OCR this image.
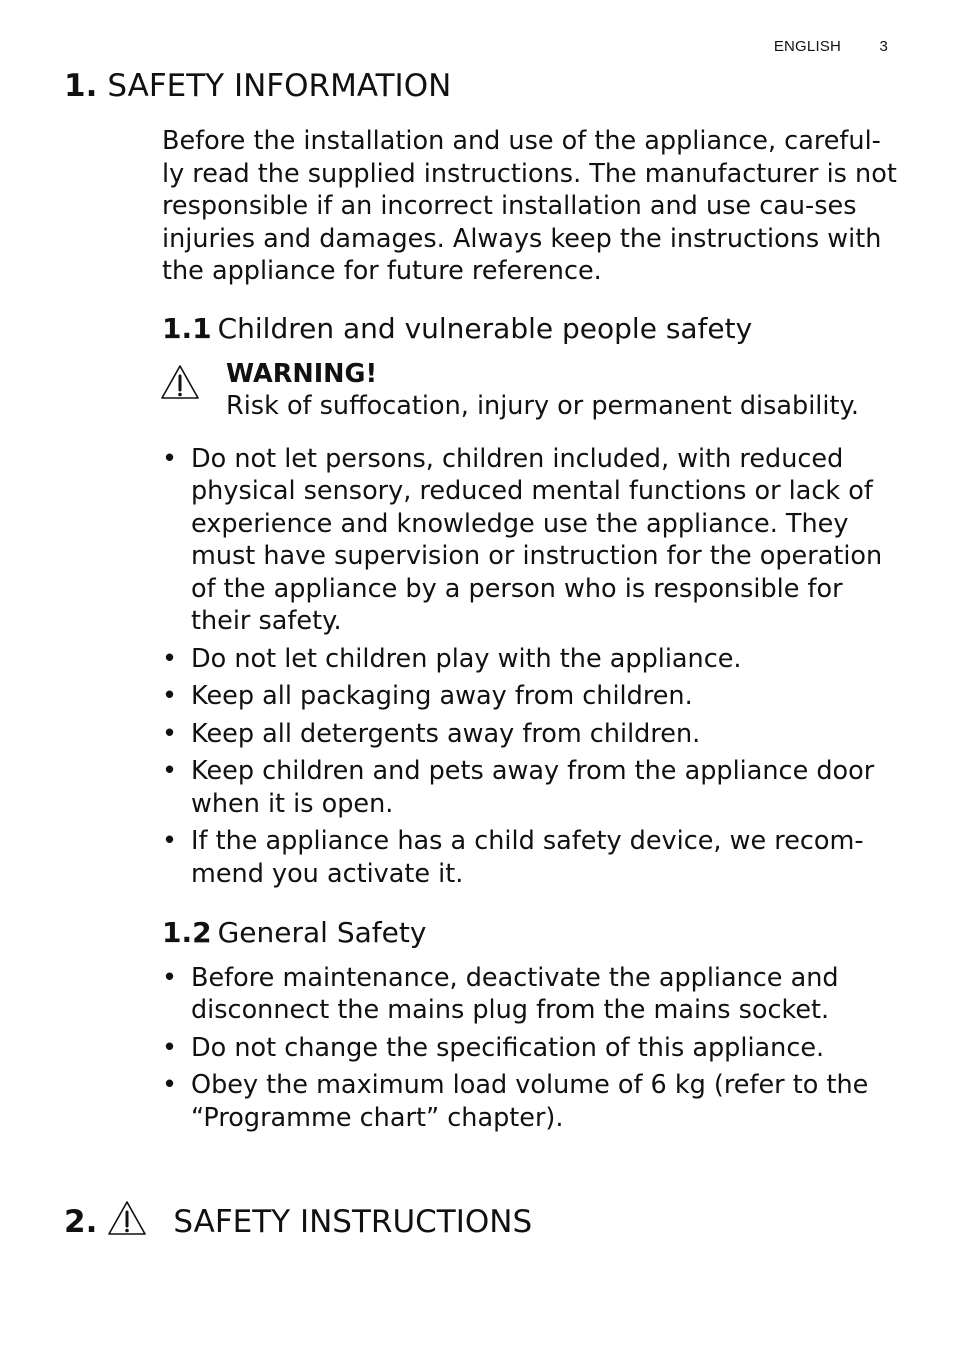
ENGLISH	3
1. SAFETY INFORMATION

Before the installation and use of the appliance, careful-ly read the supplied instructions. The manufacturer is not responsible if an incorrect installation and use cau-ses injuries and damages. Always keep the instructions with the appliance for future reference.

1.1 Children and vulnerable people safety
WARNING!
Risk of suffocation, injury or permanent disability.
• Do not let persons, children included, with reduced physical sensory, reduced mental functions or lack of experience and knowledge use the appliance. They must have supervision or instruction for the operation of the appliance by a person who is responsible for their safety.
• Do not let children play with the appliance.
• Keep all packaging away from children.
• Keep all detergents away from children.
• Keep children and pets away from the appliance door when it is open.
• If the appliance has a child safety device, we recom-mend you activate it.
1.2 General Safety
• Before maintenance, deactivate the appliance and disconnect the mains plug from the mains socket.
• Do not change the specification of this appliance.
• Obey the maximum load volume of 6 kg (refer to the “Programme chart” chapter).
2. SAFETY INSTRUCTIONS
